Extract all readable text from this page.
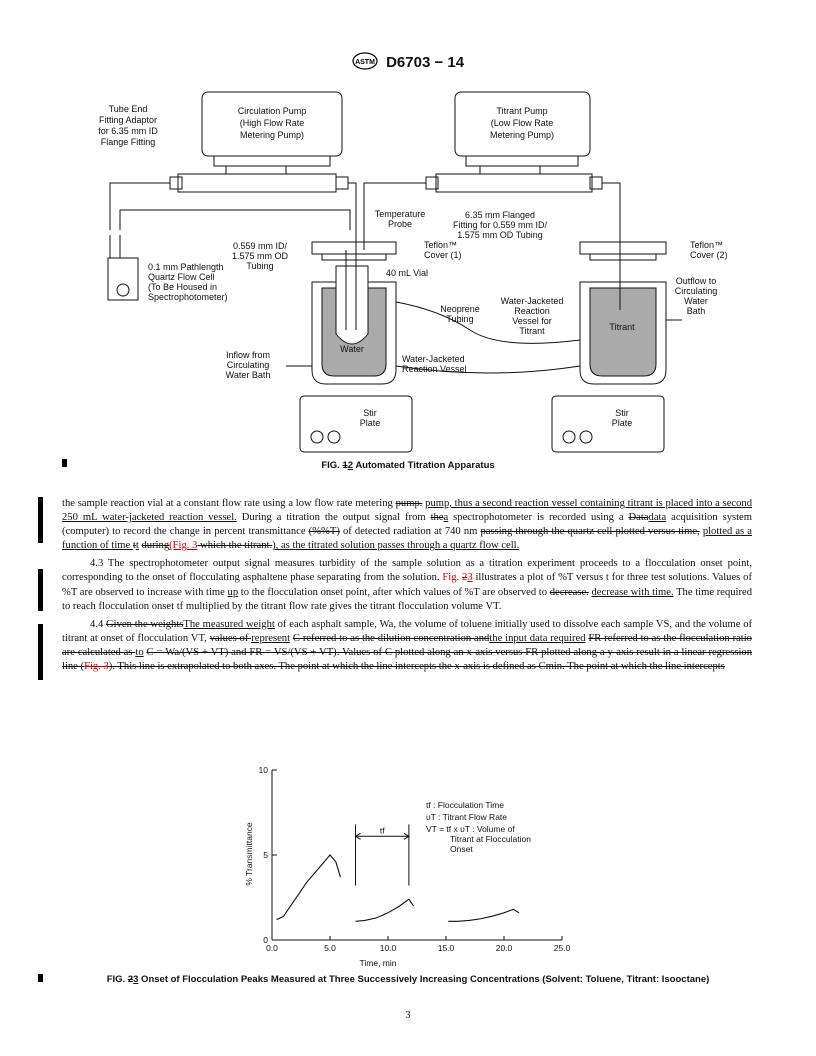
ASTM D6703 − 14
Tube End
Fitting Adaptor
for 6.35 mm ID
Flange Fitting
Circulation Pump
(High Flow Rate
Metering Pump)
Titrant Pump
(Low Flow Rate
Metering Pump)
Temperature
Probe
6.35 mm Flanged
Fitting for 0.559 mm ID/
1.575 mm OD Tubing
0.559 mm ID/
1.575 mm OD
Tubing
Teflon™
Cover (1)
Teflon™
Cover (2)
0.1 mm Pathlength
Quartz Flow Cell
(To Be Housed in
Spectrophotometer)
40 mL Vial
Neoprene
Tubing
Water-Jacketed
Reaction
Vessel for
Titrant
Outflow to
Circulating
Water
Bath
Water
Titrant
Inflow from
Circulating
Water Bath
Water-Jacketed
Reaction Vessel
Stir
Plate
Stir
Plate
FIG. 12 Automated Titration Apparatus

the sample reaction vial at a constant flow rate using a low flow rate metering pump. pump, thus a second reaction vessel containing titrant is placed into a second 250 mL water-jacketed reaction vessel. During a titration the output signal from thea spectrophotometer is recorded using a Datadata acquisition system (computer) to record the change in percent transmittance (%%T) of detected radiation at 740 nm passing through the quartz cell plotted versus time, plotted as a function of time tt during(Fig. 3 which the titrant.), as the titrated solution passes through a quartz flow cell.

4.3 The spectrophotometer output signal measures turbidity of the sample solution as a titration experiment proceeds to a flocculation onset point, corresponding to the onset of flocculating asphaltene phase separating from the solution. Fig. 23 illustrates a plot of %T versus t for three test solutions. Values of %T are observed to increase with time up to the flocculation onset point, after which values of %T are observed to decrease. decrease with time. The time required to reach flocculation onset tf multiplied by the titrant flow rate gives the titrant flocculation volume VT.

4.4 Given the weightsThe measured weight of each asphalt sample, Wa, the volume of toluene initially used to dissolve each sample VS, and the volume of titrant at onset of flocculation VT, values of represent C referred to as the dilution concentration andthe input data required FR referred to as the flocculation ratio are calculated as to C = Wa/(VS + VT) and FR = VS/(VS + VT). Values of C plotted along an x-axis versus FR plotted along a y-axis result in a linear regression line (Fig. 3). This line is extrapolated to both axes. The point at which the line intercepts the x-axis is defined as Cmin. The point at which the line intercepts

0.0	5.0	10.0	15.0	20.0	25.0
0
5
10
Time, min
% Transmittance
tf : Flocculation Time
υT : Titrant Flow Rate
VT = tf x υT : Volume of
Titrant at Flocculation
Onset
tf
FIG. 23 Onset of Flocculation Peaks Measured at Three Successively Increasing Concentrations (Solvent: Toluene, Titrant: Isooctane)
3
